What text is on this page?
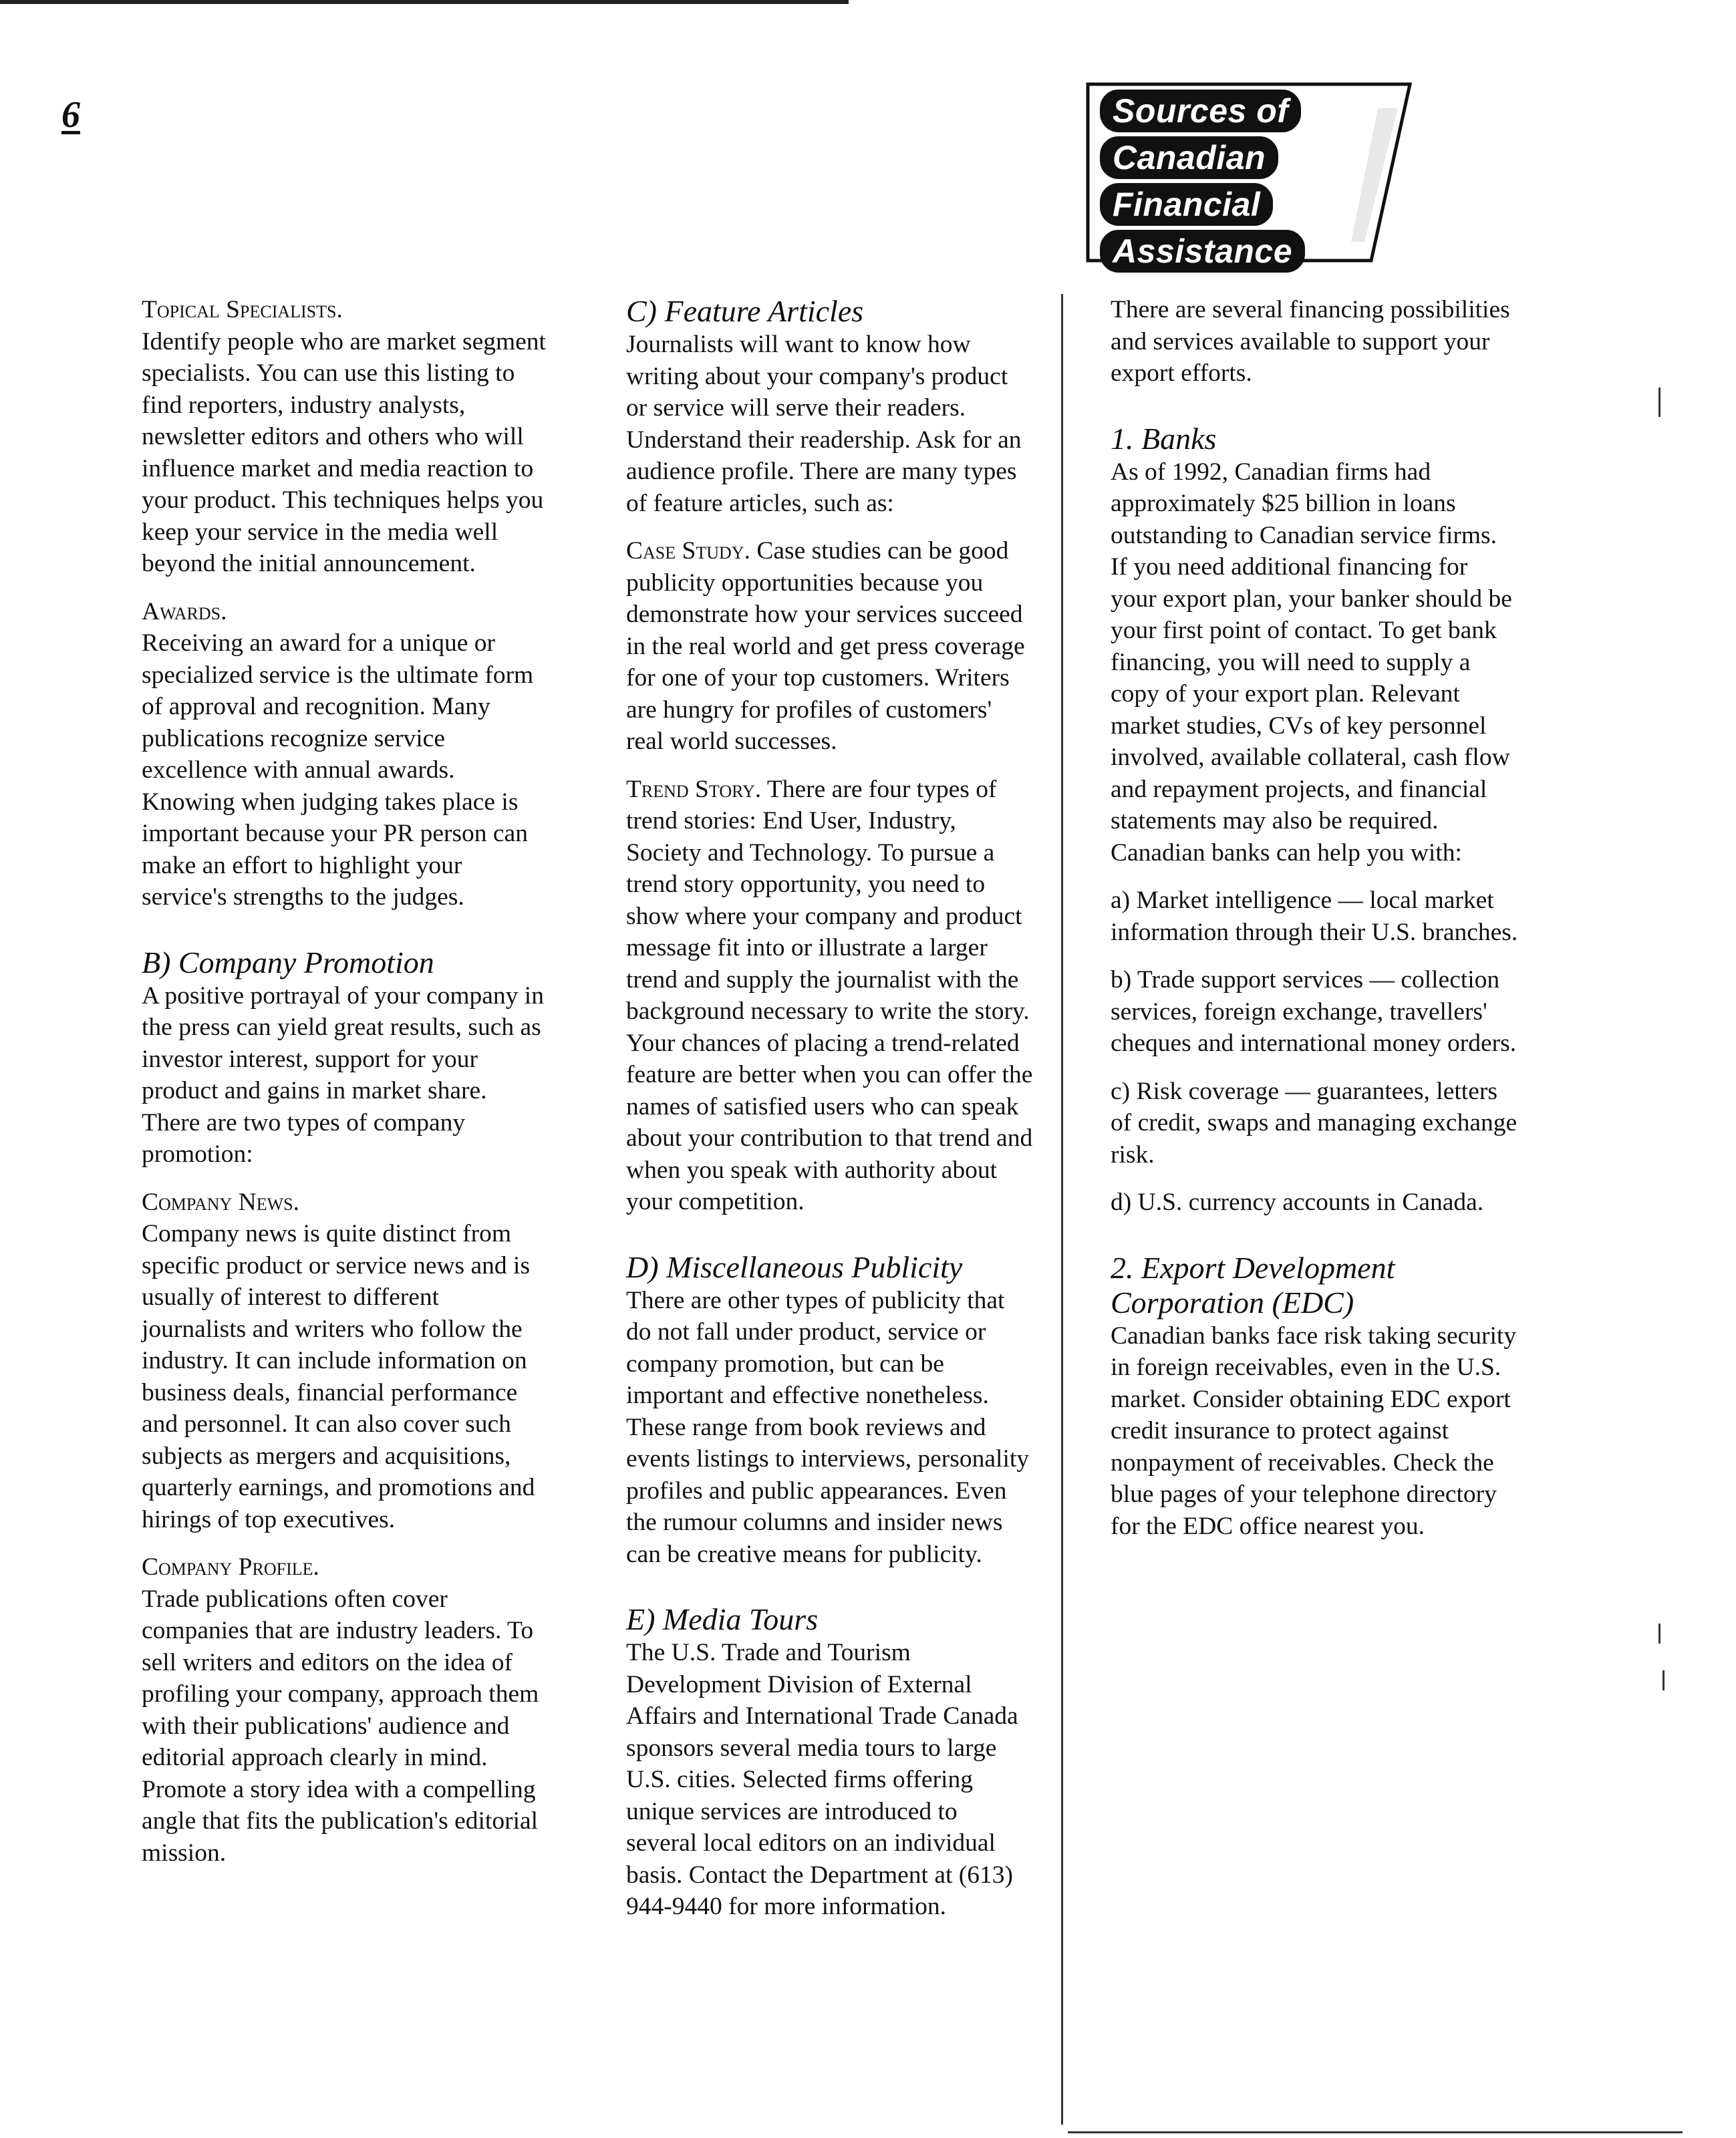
6	Sources of
Canadian
Financial
Assistance

Topical Specialists.
Identify people who are market segment specialists. You can use this listing to find reporters, industry analysts, newsletter editors and others who will influence market and media reaction to your product. This techniques helps you keep your service in the media well beyond the initial announcement.

Awards.
Receiving an award for a unique or specialized service is the ultimate form of approval and recognition. Many publications recognize service excellence with annual awards. Knowing when judging takes place is important because your PR person can make an effort to highlight your service's strengths to the judges.

B) Company Promotion
A positive portrayal of your company in the press can yield great results, such as investor interest, support for your product and gains in market share. There are two types of company promotion:

Company News.
Company news is quite distinct from specific product or service news and is usually of interest to different journalists and writers who follow the industry. It can include information on business deals, financial performance and personnel. It can also cover such subjects as mergers and acquisitions, quarterly earnings, and promotions and hirings of top executives.

Company Profile.
Trade publications often cover companies that are industry leaders. To sell writers and editors on the idea of profiling your company, approach them with their publications' audience and editorial approach clearly in mind. Promote a story idea with a compelling angle that fits the publication's editorial mission.

C) Feature Articles
Journalists will want to know how writing about your company's product or service will serve their readers. Understand their readership. Ask for an audience profile. There are many types of feature articles, such as:

Case Study. Case studies can be good publicity opportunities because you demonstrate how your services succeed in the real world and get press coverage for one of your top customers. Writers are hungry for profiles of customers' real world successes.

Trend Story. There are four types of trend stories: End User, Industry, Society and Technology. To pursue a trend story opportunity, you need to show where your company and product message fit into or illustrate a larger trend and supply the journalist with the background necessary to write the story. Your chances of placing a trend-related feature are better when you can offer the names of satisfied users who can speak about your contribution to that trend and when you speak with authority about your competition.

D) Miscellaneous Publicity
There are other types of publicity that do not fall under product, service or company promotion, but can be important and effective nonetheless. These range from book reviews and events listings to interviews, personality profiles and public appearances. Even the rumour columns and insider news can be creative means for publicity.

E) Media Tours
The U.S. Trade and Tourism Development Division of External Affairs and International Trade Canada sponsors several media tours to large U.S. cities. Selected firms offering unique services are introduced to several local editors on an individual basis. Contact the Department at (613) 944-9440 for more information.

There are several financing possibilities and services available to support your export efforts.

1. Banks
As of 1992, Canadian firms had approximately $25 billion in loans outstanding to Canadian service firms. If you need additional financing for your export plan, your banker should be your first point of contact. To get bank financing, you will need to supply a copy of your export plan. Relevant market studies, CVs of key personnel involved, available collateral, cash flow and repayment projects, and financial statements may also be required. Canadian banks can help you with:

a) Market intelligence — local market information through their U.S. branches.

b) Trade support services — collection services, foreign exchange, travellers' cheques and international money orders.

c) Risk coverage — guarantees, letters of credit, swaps and managing exchange risk.

d) U.S. currency accounts in Canada.

2. Export Development Corporation (EDC)
Canadian banks face risk taking security in foreign receivables, even in the U.S. market. Consider obtaining EDC export credit insurance to protect against nonpayment of receivables. Check the blue pages of your telephone directory for the EDC office nearest you.
